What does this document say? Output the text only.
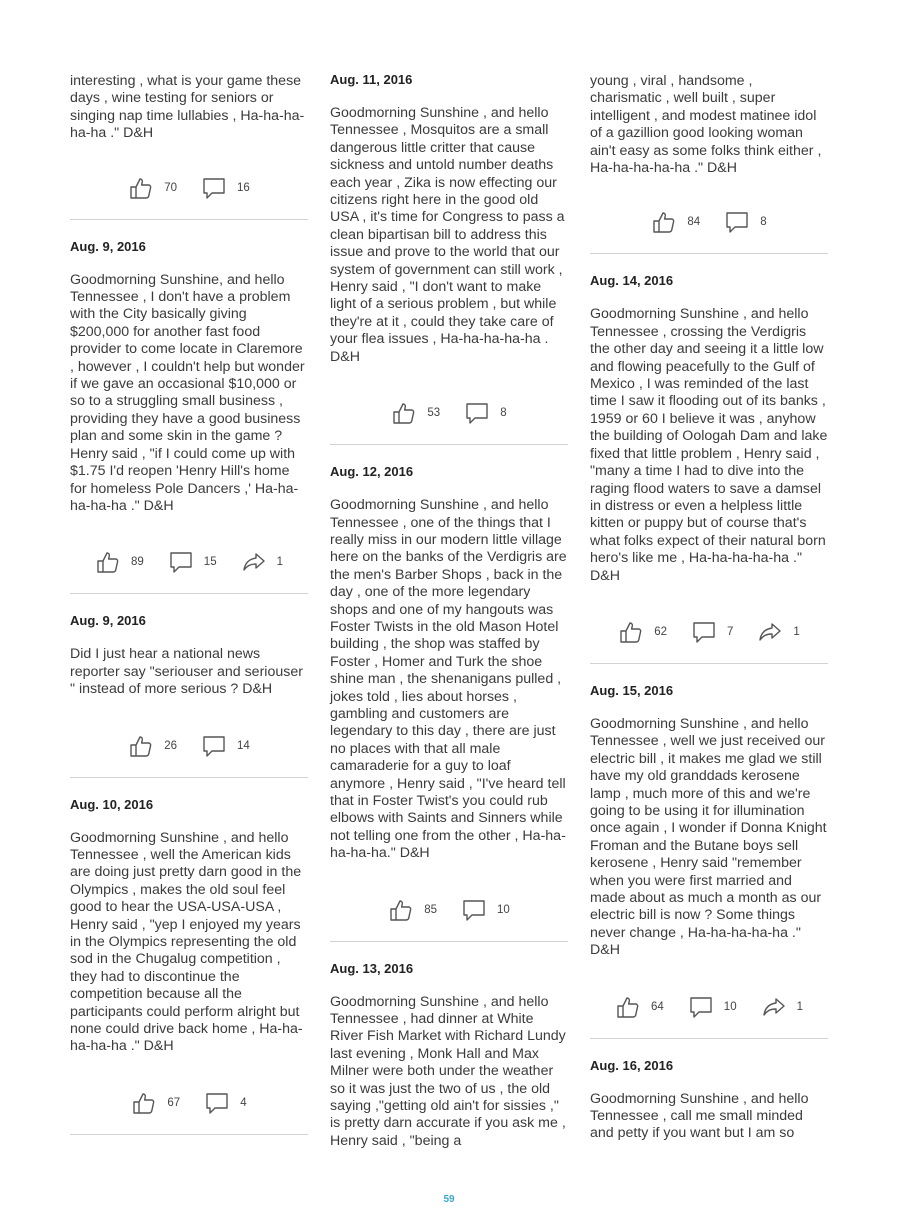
interesting , what is your game these days , wine testing for seniors or singing nap time lullabies , Ha-ha-ha-ha-ha ." D&H

70	16

Aug. 9, 2016

Goodmorning Sunshine, and hello Tennessee , I don't have a problem with the City basically giving $200,000 for another fast food provider to come locate in Claremore , however , I couldn't help but wonder if we gave an occasional $10,000 or so to a struggling small business , providing they have a good business plan and some skin in the game ? Henry said , "if I could come up with $1.75 I'd reopen 'Henry Hill's home for homeless Pole Dancers ,' Ha-ha-ha-ha-ha ." D&H

89	15	1

Aug. 9, 2016

Did I just hear a national news reporter say "seriouser and seriouser " instead of more serious ? D&H

26	14

Aug. 10, 2016

Goodmorning Sunshine , and hello Tennessee , well the American kids are doing just pretty darn good in the Olympics , makes the old soul feel good to hear the USA-USA-USA , Henry said , "yep I enjoyed my years in the Olympics representing the old sod in the Chugalug competition , they had to discontinue the competition because all the participants could perform alright but none could drive back home , Ha-ha-ha-ha-ha ." D&H

67	4

Aug. 11, 2016

Goodmorning Sunshine , and hello Tennessee , Mosquitos are a small dangerous little critter that cause sickness and untold number deaths each year , Zika is now effecting our citizens right here in the good old USA , it's time for Congress to pass a clean bipartisan bill to address this issue and prove to the world that our system of government can still work , Henry said , "I don't want to make light of a serious problem , but while they're at it , could they take care of your flea issues , Ha-ha-ha-ha-ha . D&H

53	8

Aug. 12, 2016

Goodmorning Sunshine , and hello Tennessee , one of the things that I really miss in our modern little village here on the banks of the Verdigris are the men's Barber Shops , back in the day , one of the more legendary shops and one of my hangouts was Foster Twists in the old Mason Hotel building , the shop was staffed by Foster , Homer and Turk the shoe shine man , the shenanigans pulled , jokes told , lies about horses , gambling and customers are legendary to this day , there are just no places with that all male camaraderie for a guy to loaf anymore , Henry said , "I've heard tell that in Foster Twist's you could rub elbows with Saints and Sinners while not telling one from the other , Ha-ha-ha-ha-ha." D&H

85	10

Aug. 13, 2016

Goodmorning Sunshine , and hello Tennessee , had dinner at White River Fish Market with Richard Lundy last evening , Monk Hall and Max Milner were both under the weather so it was just the two of us , the old saying ,"getting old ain't for sissies ," is pretty darn accurate if you ask me , Henry said , "being a

young , viral , handsome , charismatic , well built , super intelligent , and modest matinee idol of a gazillion good looking woman ain't easy as some folks think either , Ha-ha-ha-ha-ha ." D&H

84	8

Aug. 14, 2016

Goodmorning Sunshine , and hello Tennessee , crossing the Verdigris the other day and seeing it a little low and flowing peacefully to the Gulf of Mexico , I was reminded of the last time I saw it flooding out of its banks , 1959 or 60 I believe it was , anyhow the building of Oologah Dam and lake fixed that little problem , Henry said , "many a time I had to dive into the raging flood waters to save a damsel in distress or even a helpless little kitten or puppy but of course that's what folks expect of their natural born hero's like me , Ha-ha-ha-ha-ha ." D&H

62	7	1

Aug. 15, 2016

Goodmorning Sunshine , and hello Tennessee , well we just received our electric bill , it makes me glad we still have my old granddads kerosene lamp , much more of this and we're going to be using it for illumination once again , I wonder if Donna Knight Froman and the Butane boys sell kerosene , Henry said "remember when you were first married and made about as much a month as our electric bill is now ? Some things never change , Ha-ha-ha-ha-ha ." D&H

64	10	1

Aug. 16, 2016

Goodmorning Sunshine , and hello Tennessee , call me small minded and petty if you want but I am so

59
